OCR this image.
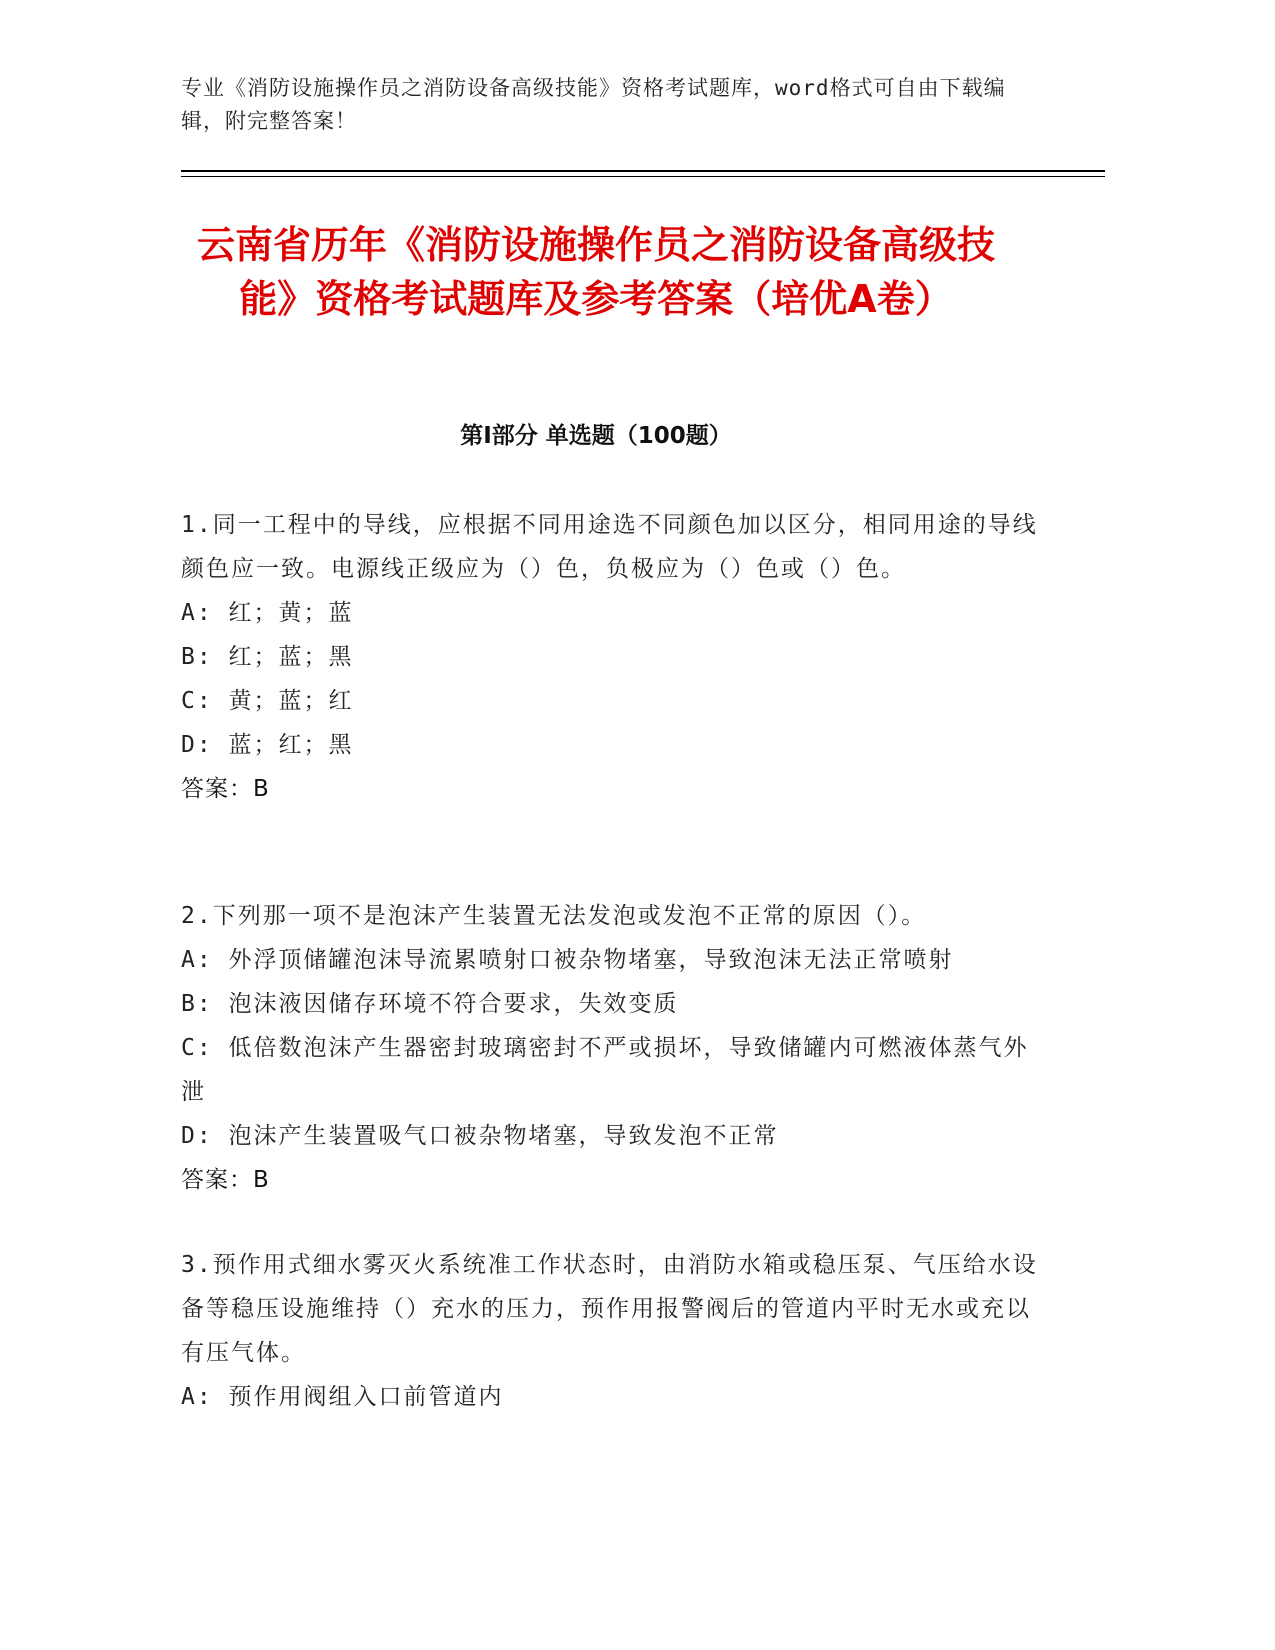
专业《消防设施操作员之消防设备高级技能》资格考试题库，word格式可自由下载编辑，附完整答案！
云南省历年《消防设施操作员之消防设备高级技能》资格考试题库及参考答案（培优A卷）
第Ⅰ部分 单选题（100题）

1.同一工程中的导线，应根据不同用途选不同颜色加以区分，相同用途的导线颜色应一致。电源线正级应为（）色，负极应为（）色或（）色。

A: 红；黄；蓝

B: 红；蓝；黑

C: 黄；蓝；红

D: 蓝；红；黑

答案：B

2.下列那一项不是泡沫产生装置无法发泡或发泡不正常的原因（）。

A: 外浮顶储罐泡沫导流累喷射口被杂物堵塞，导致泡沫无法正常喷射

B: 泡沫液因储存环境不符合要求，失效变质

C: 低倍数泡沫产生器密封玻璃密封不严或损坏，导致储罐内可燃液体蒸气外泄

D: 泡沫产生装置吸气口被杂物堵塞，导致发泡不正常

答案：B

3.预作用式细水雾灭火系统准工作状态时，由消防水箱或稳压泵、气压给水设备等稳压设施维持（）充水的压力，预作用报警阀后的管道内平时无水或充以有压气体。

A: 预作用阀组入口前管道内
